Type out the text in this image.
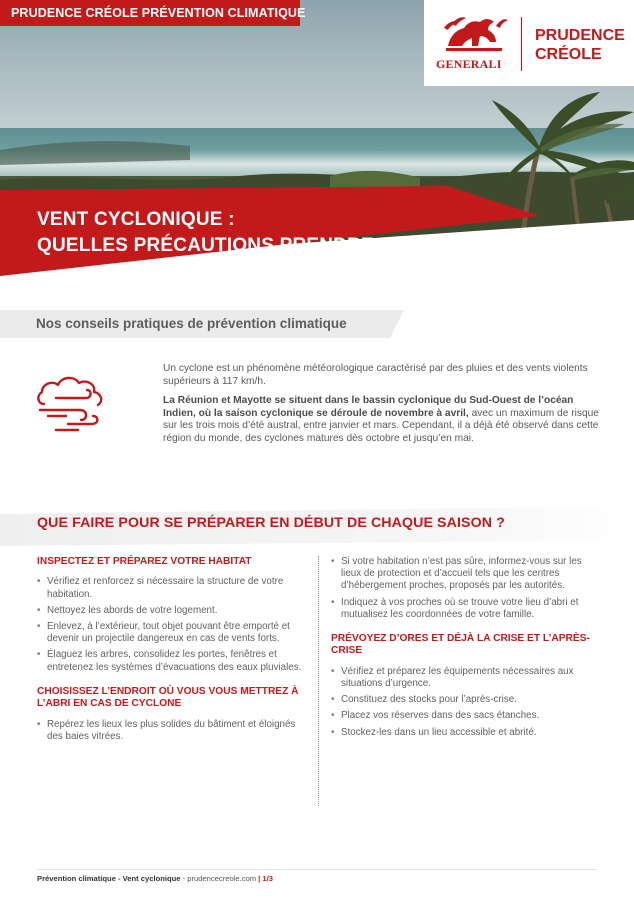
PRUDENCE CRÉOLE PRÉVENTION CLIMATIQUE
GENERALI
PRUDENCE
CRÉOLE
VENT CYCLONIQUE :
QUELLES PRÉCAUTIONS PRENDRE ?
Nos conseils pratiques de prévention climatique

Un cyclone est un phénomène météorologique caractérisé par des pluies et des vents violents supérieurs à 117 km/h.

La Réunion et Mayotte se situent dans le bassin cyclonique du Sud-Ouest de l’océan Indien, où la saison cyclonique se déroule de novembre à avril, avec un maximum de risque sur les trois mois d’été austral, entre janvier et mars. Cependant, il a déjà été observé dans cette région du monde, des cyclones matures dès octobre et jusqu’en mai.

QUE FAIRE POUR SE PRÉPARER EN DÉBUT DE CHAQUE SAISON ?
INSPECTEZ ET PRÉPAREZ VOTRE HABITAT
• Vérifiez et renforcez si nécessaire la structure de votre habitation.
• Nettoyez les abords de votre logement.
• Enlevez, à l’extérieur, tout objet pouvant être emporté et devenir un projectile dangereux en cas de vents forts.
• Élaguez les arbres, consolidez les portes, fenêtres et entretenez les systèmes d’évacuations des eaux pluviales.
CHOISISSEZ L’ENDROIT OÙ VOUS VOUS METTREZ À L’ABRI EN CAS DE CYCLONE
• Repérez les lieux les plus solides du bâtiment et éloignés des baies vitrées.
• Si votre habitation n’est pas sûre, informez-vous sur les lieux de protection et d’accueil tels que les centres d’hébergement proches, proposés par les autorités.
• Indiquez à vos proches où se trouve votre lieu d’abri et mutualisez les coordonnées de votre famille.
PRÉVOYEZ D’ORES ET DÉJÀ LA CRISE ET L’APRÈS-CRISE
• Vérifiez et préparez les équipements nécessaires aux situations d’urgence.
• Constituez des stocks pour l’après-crise.
• Placez vos réserves dans des sacs étanches.
• Stockez-les dans un lieu accessible et abrité.
Prévention climatique - Vent cyclonique - prudencecreole.com | 1/3
